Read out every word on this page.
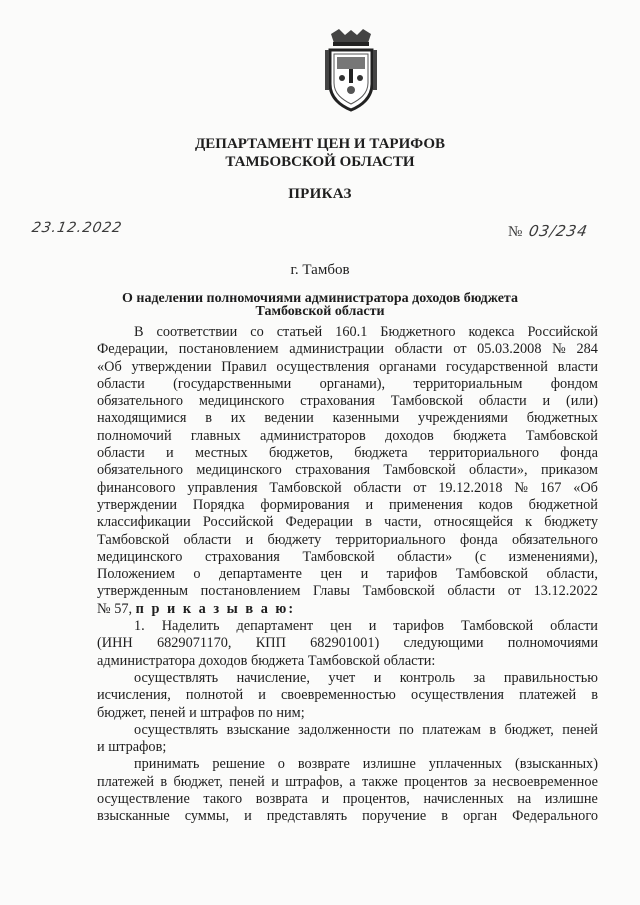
ДЕПАРТАМЕНТ ЦЕН И ТАРИФОВ
ТАМБОВСКОЙ ОБЛАСТИ
ПРИКАЗ
23.12.2022	№ 03/234
г. Тамбов
О наделении полномочиями администратора доходов бюджета
Тамбовской области
В соответствии со статьей 160.1 Бюджетного кодекса Российской
Федерации, постановлением администрации области от 05.03.2008 № 284
«Об утверждении Правил осуществления органами государственной власти
области (государственными органами), территориальным фондом
обязательного медицинского страхования Тамбовской области и (или)
находящимися в их ведении казенными учреждениями бюджетных
полномочий главных администраторов доходов бюджета Тамбовской
области и местных бюджетов, бюджета территориального фонда
обязательного медицинского страхования Тамбовской области», приказом
финансового управления Тамбовской области от 19.12.2018 № 167 «Об
утверждении Порядка формирования и применения кодов бюджетной
классификации Российской Федерации в части, относящейся к бюджету
Тамбовской области и бюджету территориального фонда обязательного
медицинского страхования Тамбовской области» (с изменениями),
Положением о департаменте цен и тарифов Тамбовской области,
утвержденным постановлением Главы Тамбовской области от 13.12.2022
№ 57,
п р и к а з ы в а ю:
1. Наделить департамент цен и тарифов Тамбовской области
(ИНН 6829071170, КПП 682901001) следующими полномочиями
администратора доходов бюджета Тамбовской области:
осуществлять начисление, учет и контроль за правильностью
исчисления, полнотой и своевременностью осуществления платежей в
бюджет, пеней и штрафов по ним;
осуществлять взыскание задолженности по платежам в бюджет, пеней
и штрафов;
принимать решение о возврате излишне уплаченных (взысканных)
платежей в бюджет, пеней и штрафов, а также процентов за несвоевременное
осуществление такого возврата и процентов, начисленных на излишне
взысканные суммы, и представлять поручение в орган Федерального
